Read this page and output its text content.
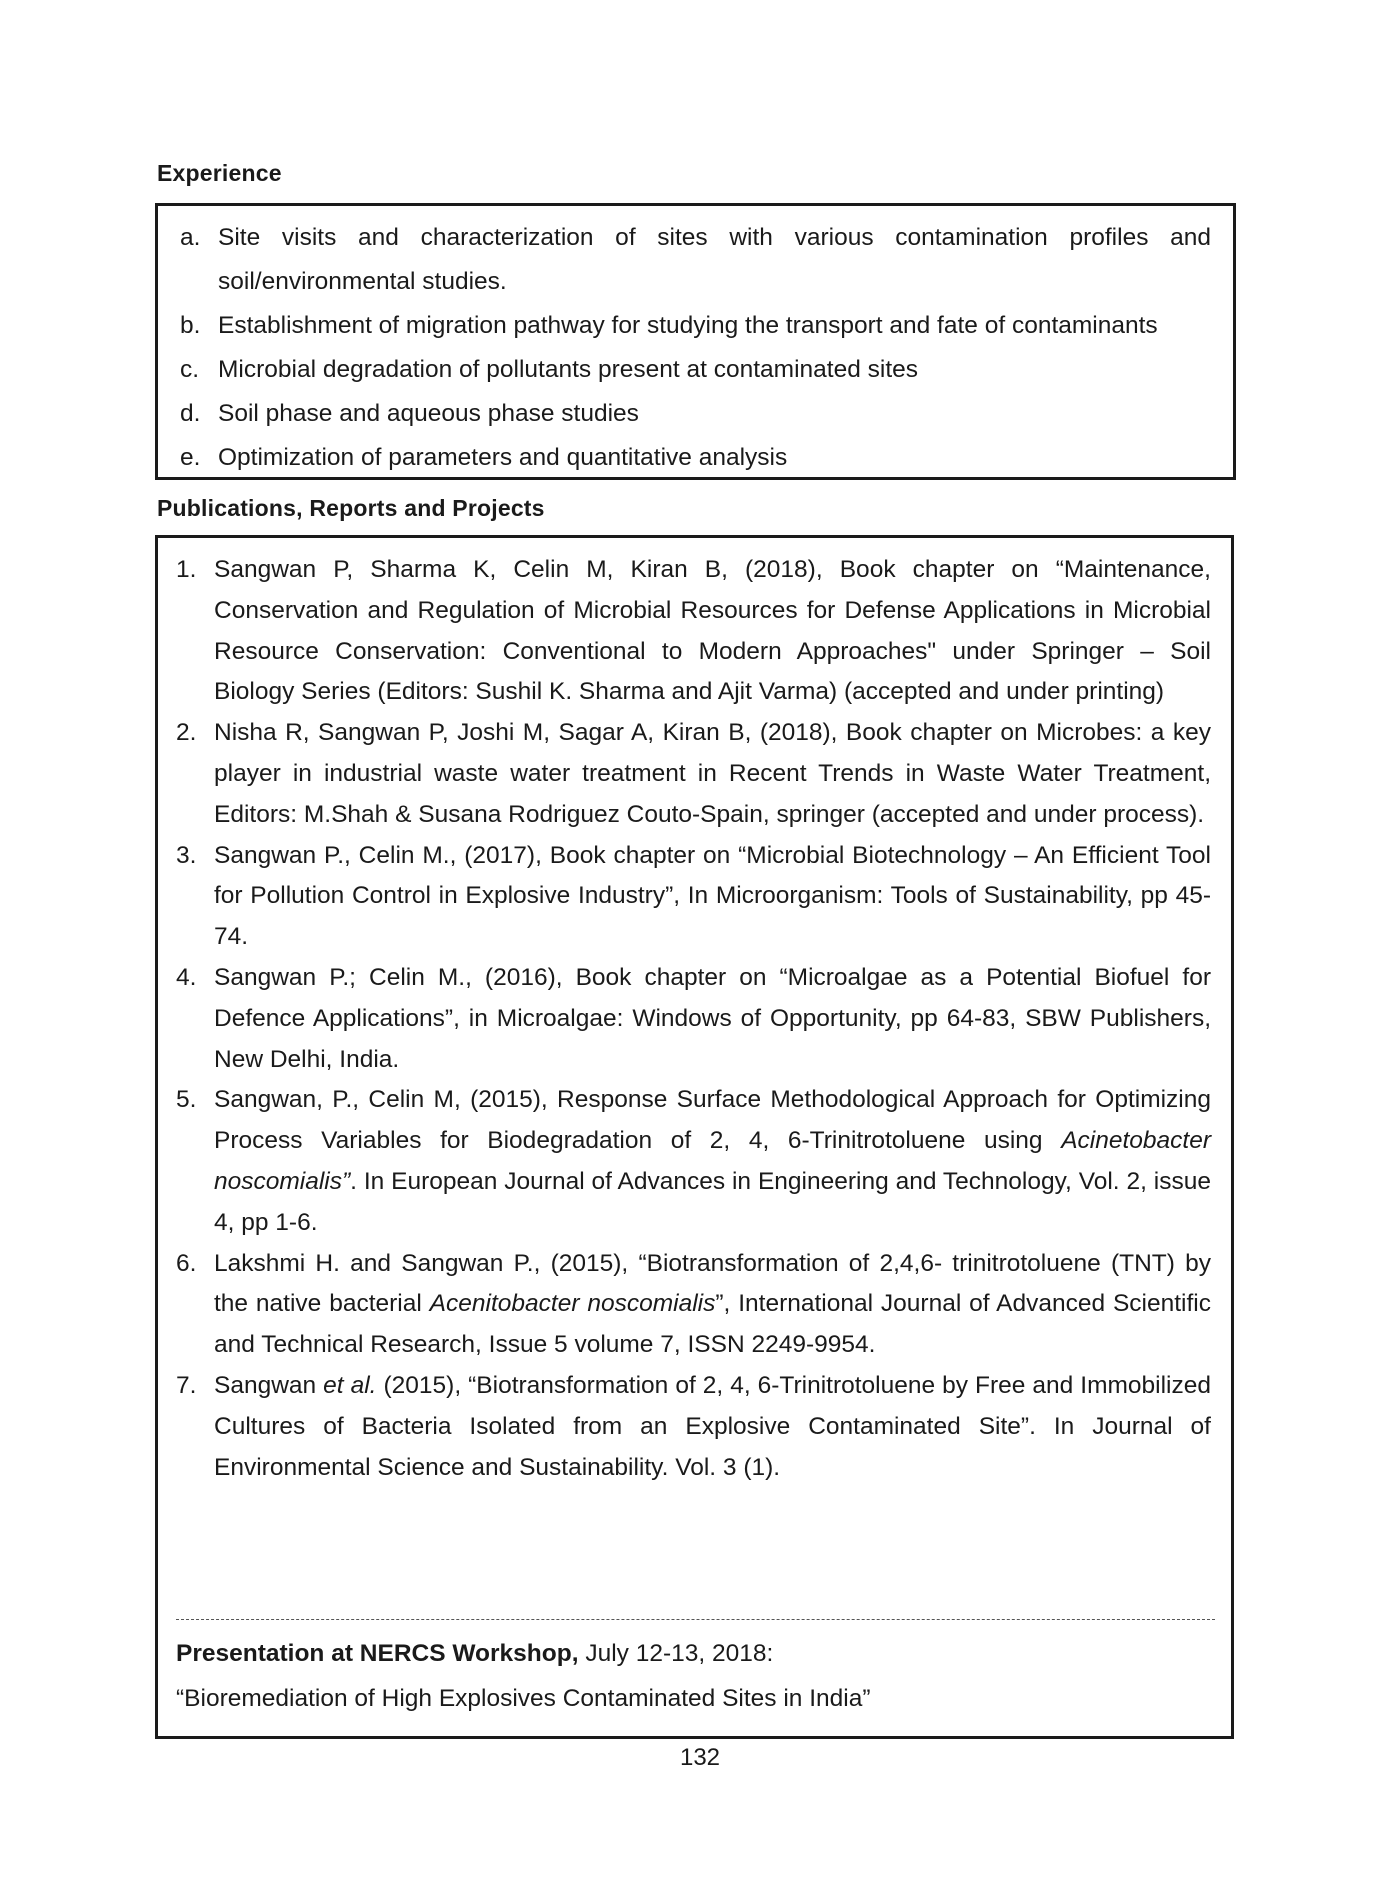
Experience
a. Site visits and characterization of sites with various contamination profiles and soil/environmental studies.
b. Establishment of migration pathway for studying the transport and fate of contaminants
c. Microbial degradation of pollutants present at contaminated sites
d. Soil phase and aqueous phase studies
e. Optimization of parameters and quantitative analysis
Publications, Reports and Projects
1. Sangwan P, Sharma K, Celin M, Kiran B, (2018), Book chapter on “Maintenance, Conservation and Regulation of Microbial Resources for Defense Applications in Microbial Resource Conservation: Conventional to Modern Approaches" under Springer – Soil Biology Series (Editors: Sushil K. Sharma and Ajit Varma) (accepted and under printing)
2. Nisha R, Sangwan P, Joshi M, Sagar A, Kiran B, (2018), Book chapter on Microbes: a key player in industrial waste water treatment in Recent Trends in Waste Water Treatment, Editors: M.Shah & Susana Rodriguez Couto-Spain, springer (accepted and under process).
3. Sangwan P., Celin M., (2017), Book chapter on “Microbial Biotechnology – An Efficient Tool for Pollution Control in Explosive Industry”, In Microorganism: Tools of Sustainability, pp 45-74.
4. Sangwan P.; Celin M., (2016), Book chapter on “Microalgae as a Potential Biofuel for Defence Applications”, in Microalgae: Windows of Opportunity, pp 64-83, SBW Publishers, New Delhi, India.
5. Sangwan, P., Celin M, (2015), Response Surface Methodological Approach for Optimizing Process Variables for Biodegradation of 2, 4, 6-Trinitrotoluene using Acinetobacter noscomialis”. In European Journal of Advances in Engineering and Technology, Vol. 2, issue 4, pp 1-6.
6. Lakshmi H. and Sangwan P., (2015), “Biotransformation of 2,4,6- trinitrotoluene (TNT) by the native bacterial Acenitobacter noscomialis”, International Journal of Advanced Scientific and Technical Research, Issue 5 volume 7, ISSN 2249-9954.
7. Sangwan et al. (2015), “Biotransformation of 2, 4, 6-Trinitrotoluene by Free and Immobilized Cultures of Bacteria Isolated from an Explosive Contaminated Site”. In Journal of Environmental Science and Sustainability. Vol. 3 (1).
Presentation at NERCS Workshop, July 12-13, 2018:
“Bioremediation of High Explosives Contaminated Sites in India”
132
